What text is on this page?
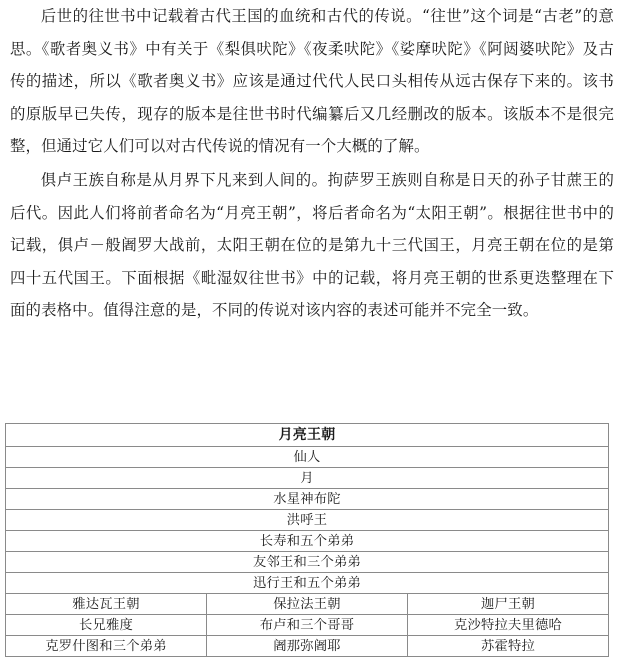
后世的往世书中记载着古代王国的血统和古代的传说。“往世”这个词是“古老”的意思。《歌者奥义书》中有关于《梨俱吠陀》《夜柔吠陀》《娑摩吠陀》《阿闼婆吠陀》及古传的描述，所以《歌者奥义书》应该是通过代代人民口头相传从远古保存下来的。该书的原版早已失传，现存的版本是往世书时代编纂后又几经删改的版本。该版本不是很完整，但通过它人们可以对古代传说的情况有一个大概的了解。

俱卢王族自称是从月界下凡来到人间的。拘萨罗王族则自称是日天的孙子甘蔗王的后代。因此人们将前者命名为“月亮王朝”，将后者命名为“太阳王朝”。根据往世书中的记载，俱卢－般阇罗大战前，太阳王朝在位的是第九十三代国王，月亮王朝在位的是第四十五代国王。下面根据《毗湿奴往世书》中的记载，将月亮王朝的世系更迭整理在下面的表格中。值得注意的是，不同的传说对该内容的表述可能并不完全一致。

月亮王朝		
仙人		
月		
水星神布陀		
洪呼王		
长寿和五个弟弟		
友邻王和三个弟弟		
迅行王和五个弟弟		
雅达瓦王朝	保拉法王朝	迦尸王朝
长兄雅度	布卢和三个哥哥	克沙特拉夫里德哈
克罗什图和三个弟弟	阇那弥阇耶	苏霍特拉
